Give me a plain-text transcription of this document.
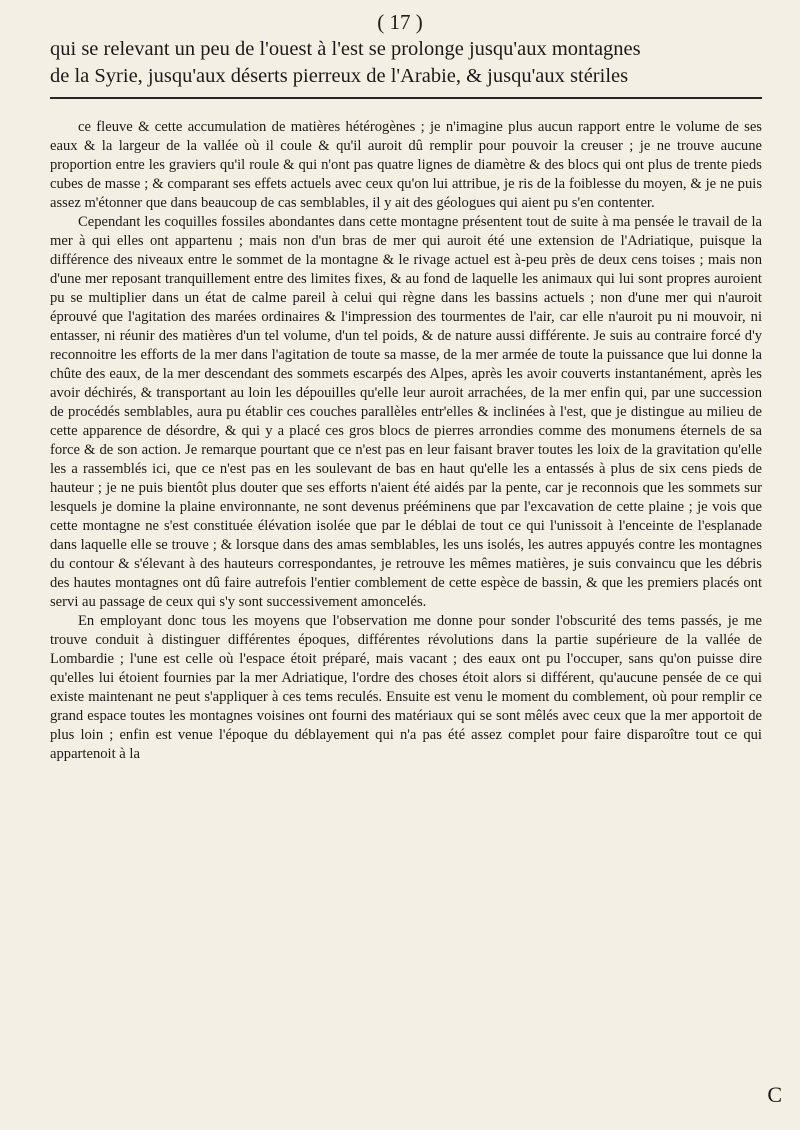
( 17 )

qui se relevant un peu de l'ouest à l'est se prolonge jusqu'aux montagnes

de la Syrie, jusqu'aux déserts pierreux de l'Arabie, & jusqu'aux stériles

ce fleuve & cette accumulation de matières hétérogènes ; je n'imagine plus aucun rapport entre le volume de ses eaux & la largeur de la vallée où il coule & qu'il auroit dû remplir pour pouvoir la creuser ; je ne trouve aucune proportion entre les graviers qu'il roule & qui n'ont pas quatre lignes de diamètre & des blocs qui ont plus de trente pieds cubes de masse ; & comparant ses effets actuels avec ceux qu'on lui attribue, je ris de la foiblesse du moyen, & je ne puis assez m'étonner que dans beaucoup de cas semblables, il y ait des géologues qui aient pu s'en contenter.

Cependant les coquilles fossiles abondantes dans cette montagne présentent tout de suite à ma pensée le travail de la mer à qui elles ont appartenu ; mais non d'un bras de mer qui auroit été une extension de l'Adriatique, puisque la différence des niveaux entre le sommet de la montagne & le rivage actuel est à-peu près de deux cens toises ; mais non d'une mer reposant tranquillement entre des limites fixes, & au fond de laquelle les animaux qui lui sont propres auroient pu se multiplier dans un état de calme pareil à celui qui règne dans les bassins actuels ; non d'une mer qui n'auroit éprouvé que l'agitation des marées ordinaires & l'impression des tourmentes de l'air, car elle n'auroit pu ni mouvoir, ni entasser, ni réunir des matières d'un tel volume, d'un tel poids, & de nature aussi différente. Je suis au contraire forcé d'y reconnoitre les efforts de la mer dans l'agitation de toute sa masse, de la mer armée de toute la puissance que lui donne la chûte des eaux, de la mer descendant des sommets escarpés des Alpes, après les avoir couverts instantanément, après les avoir déchirés, & transportant au loin les dépouilles qu'elle leur auroit arrachées, de la mer enfin qui, par une succession de procédés semblables, aura pu établir ces couches parallèles entr'elles & inclinées à l'est, que je distingue au milieu de cette apparence de désordre, & qui y a placé ces gros blocs de pierres arrondies comme des monumens éternels de sa force & de son action. Je remarque pourtant que ce n'est pas en leur faisant braver toutes les loix de la gravitation qu'elle les a rassemblés ici, que ce n'est pas en les soulevant de bas en haut qu'elle les a entassés à plus de six cens pieds de hauteur ; je ne puis bientôt plus douter que ses efforts n'aient été aidés par la pente, car je reconnois que les sommets sur lesquels je domine la plaine environnante, ne sont devenus prééminens que par l'excavation de cette plaine ; je vois que cette montagne ne s'est constituée élévation isolée que par le déblai de tout ce qui l'unissoit à l'enceinte de l'esplanade dans laquelle elle se trouve ; & lorsque dans des amas semblables, les uns isolés, les autres appuyés contre les montagnes du contour & s'élevant à des hauteurs correspondantes, je retrouve les mêmes matières, je suis convaincu que les débris des hautes montagnes ont dû faire autrefois l'entier comblement de cette espèce de bassin, & que les premiers placés ont servi au passage de ceux qui s'y sont successivement amoncelés.

En employant donc tous les moyens que l'observation me donne pour sonder l'obscurité des tems passés, je me trouve conduit à distinguer différentes époques, différentes révolutions dans la partie supérieure de la vallée de Lombardie ; l'une est celle où l'espace étoit préparé, mais vacant ; des eaux ont pu l'occuper, sans qu'on puisse dire qu'elles lui étoient fournies par la mer Adriatique, l'ordre des choses étoit alors si différent, qu'aucune pensée de ce qui existe maintenant ne peut s'appliquer à ces tems reculés. Ensuite est venu le moment du comblement, où pour remplir ce grand espace toutes les montagnes voisines ont fourni des matériaux qui se sont mêlés avec ceux que la mer apportoit de plus loin ; enfin est venue l'époque du déblayement qui n'a pas été assez complet pour faire disparoître tout ce qui appartenoit à la

C
